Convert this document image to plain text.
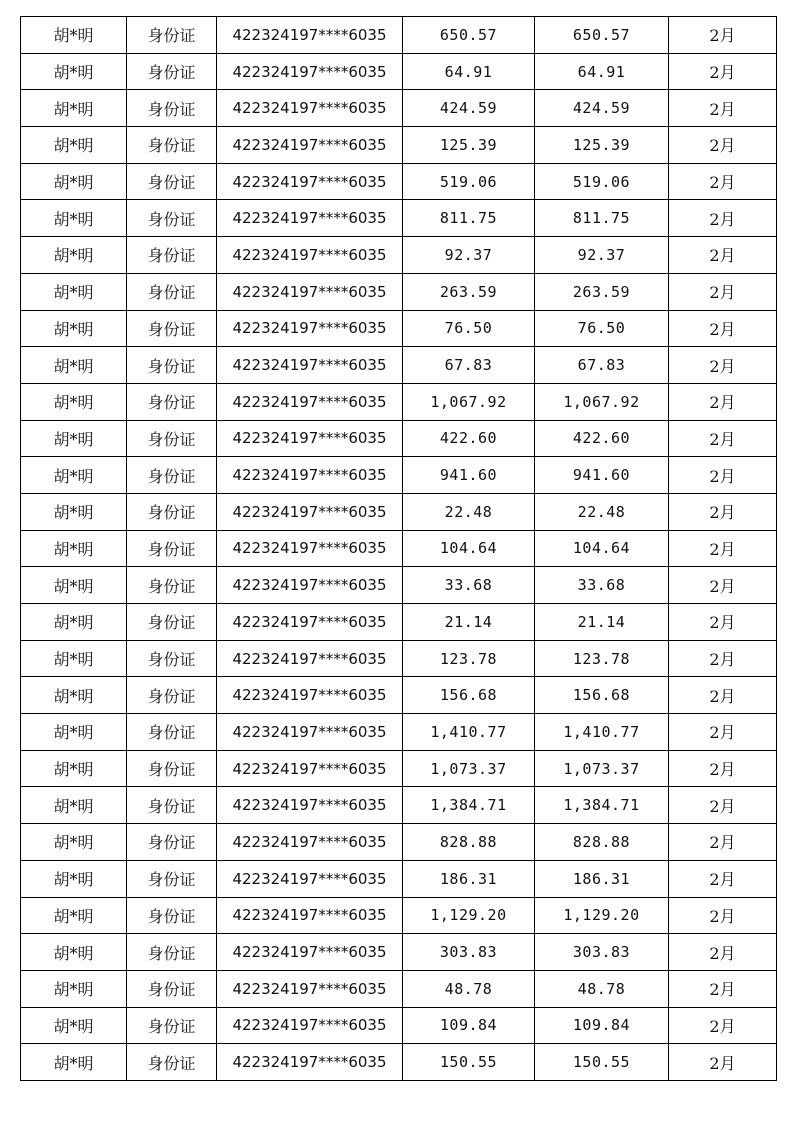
胡*明	身份证	422324197****6035	650.57	650.57	2月
胡*明	身份证	422324197****6035	64.91	64.91	2月
胡*明	身份证	422324197****6035	424.59	424.59	2月
胡*明	身份证	422324197****6035	125.39	125.39	2月
胡*明	身份证	422324197****6035	519.06	519.06	2月
胡*明	身份证	422324197****6035	811.75	811.75	2月
胡*明	身份证	422324197****6035	92.37	92.37	2月
胡*明	身份证	422324197****6035	263.59	263.59	2月
胡*明	身份证	422324197****6035	76.50	76.50	2月
胡*明	身份证	422324197****6035	67.83	67.83	2月
胡*明	身份证	422324197****6035	1,067.92	1,067.92	2月
胡*明	身份证	422324197****6035	422.60	422.60	2月
胡*明	身份证	422324197****6035	941.60	941.60	2月
胡*明	身份证	422324197****6035	22.48	22.48	2月
胡*明	身份证	422324197****6035	104.64	104.64	2月
胡*明	身份证	422324197****6035	33.68	33.68	2月
胡*明	身份证	422324197****6035	21.14	21.14	2月
胡*明	身份证	422324197****6035	123.78	123.78	2月
胡*明	身份证	422324197****6035	156.68	156.68	2月
胡*明	身份证	422324197****6035	1,410.77	1,410.77	2月
胡*明	身份证	422324197****6035	1,073.37	1,073.37	2月
胡*明	身份证	422324197****6035	1,384.71	1,384.71	2月
胡*明	身份证	422324197****6035	828.88	828.88	2月
胡*明	身份证	422324197****6035	186.31	186.31	2月
胡*明	身份证	422324197****6035	1,129.20	1,129.20	2月
胡*明	身份证	422324197****6035	303.83	303.83	2月
胡*明	身份证	422324197****6035	48.78	48.78	2月
胡*明	身份证	422324197****6035	109.84	109.84	2月
胡*明	身份证	422324197****6035	150.55	150.55	2月
